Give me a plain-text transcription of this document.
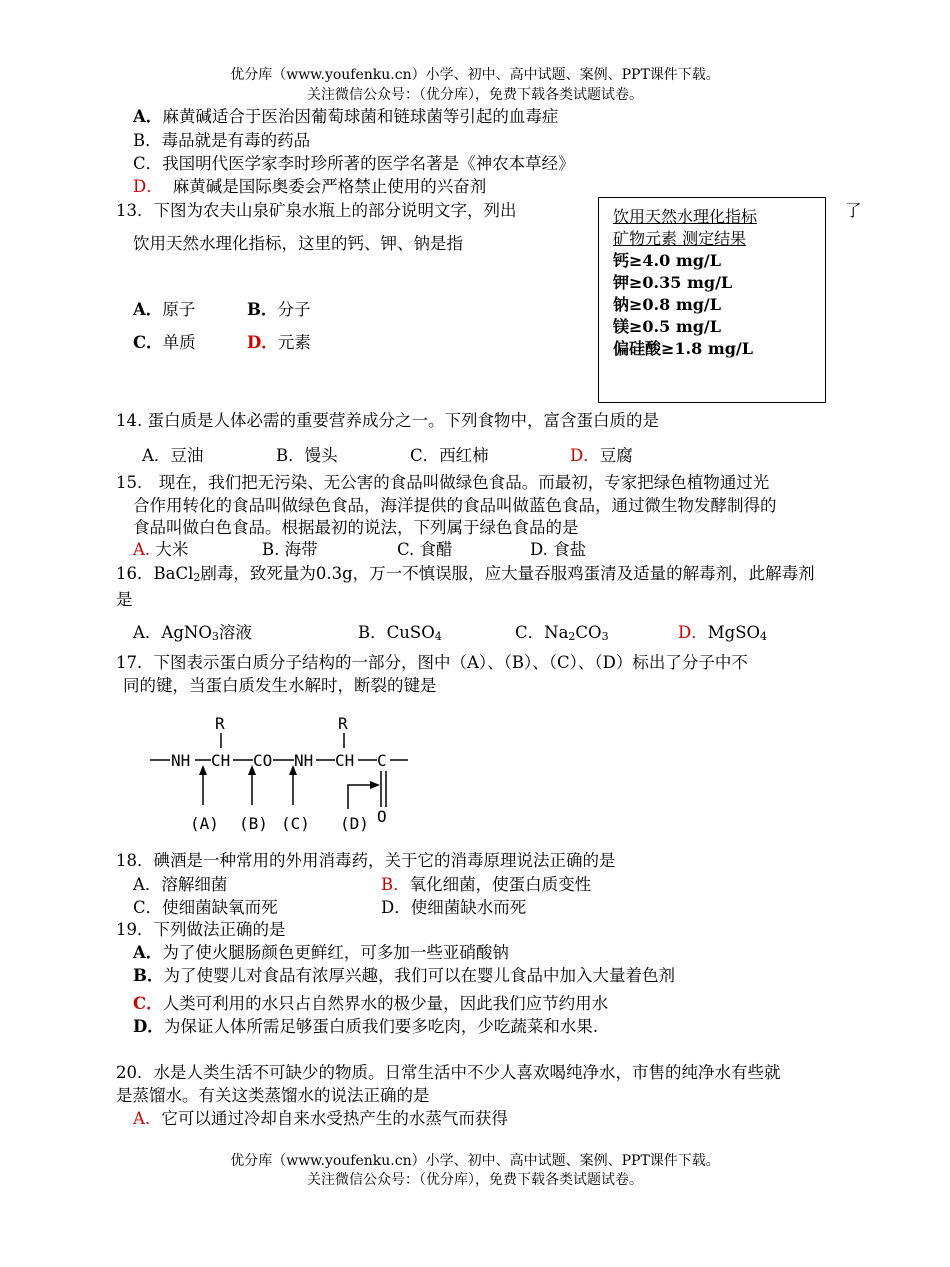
优分库（www.youfenku.cn）小学、初中、高中试题、案例、PPT课件下载。
关注微信公众号：（优分库），免费下载各类试题试卷。
A．麻黄碱适合于医治因葡萄球菌和链球菌等引起的血毒症
B．毒品就是有毒的药品
C．我国明代医学家李时珍所著的医学名著是《神农本草经》
D． 麻黄碱是国际奥委会严格禁止使用的兴奋剂
13．下图为农夫山泉矿泉水瓶上的部分说明文字，列出	了
饮用天然水理化指标，这里的钙、钾、钠是指
饮用天然水理化指标
矿物元素 测定结果
钙≥4.0 mg/L
钾≥0.35 mg/L
钠≥0.8 mg/L
镁≥0.5 mg/L
偏硅酸≥1.8 mg/L
A．原子	B．分子
C．单质	D．元素
14. 蛋白质是人体必需的重要营养成分之一。下列食物中，富含蛋白质的是
A．豆油	B．馒头	C．西红柿	D．豆腐
15． 现在，我们把无污染、无公害的食品叫做绿色食品。而最初，专家把绿色植物通过光
合作用转化的食品叫做绿色食品，海洋提供的食品叫做蓝色食品，通过微生物发酵制得的
食品叫做白色食品。根据最初的说法，下列属于绿色食品的是
A. 大米	B. 海带	C. 食醋	D. 食盐
16．BaCl$_2$剧毒，致死量为0.3g，万一不慎误服，应大量吞服鸡蛋清及适量的解毒剂，此解毒剂
是
A．AgNO$_3$溶液	B．CuSO$_4$	C．$Na_2CO_3$	D．MgSO$_4$
17．下图表示蛋白质分子结构的一部分，图中（A）、（B）、（C）、（D）标出了分子中不
同的键，当蛋白质发生水解时，断裂的键是
R	R
NH CH CO NH CH C
O
(A) (B) (C) (D)
18．碘酒是一种常用的外用消毒药，关于它的消毒原理说法正确的是
A．溶解细菌	B．氧化细菌，使蛋白质变性
C．使细菌缺氧而死	D．使细菌缺水而死
19．下列做法正确的是
A．为了使火腿肠颜色更鲜红，可多加一些亚硝酸钠
B．为了使婴儿对食品有浓厚兴趣，我们可以在婴儿食品中加入大量着色剂
C．人类可利用的水只占自然界水的极少量，因此我们应节约用水
D．为保证人体所需足够蛋白质我们要多吃肉，少吃蔬菜和水果.
20．水是人类生活不可缺少的物质。日常生活中不少人喜欢喝纯净水，市售的纯净水有些就
是蒸馏水。有关这类蒸馏水的说法正确的是
A．它可以通过冷却自来水受热产生的水蒸气而获得
优分库（www.youfenku.cn）小学、初中、高中试题、案例、PPT课件下载。
关注微信公众号：（优分库），免费下载各类试题试卷。
